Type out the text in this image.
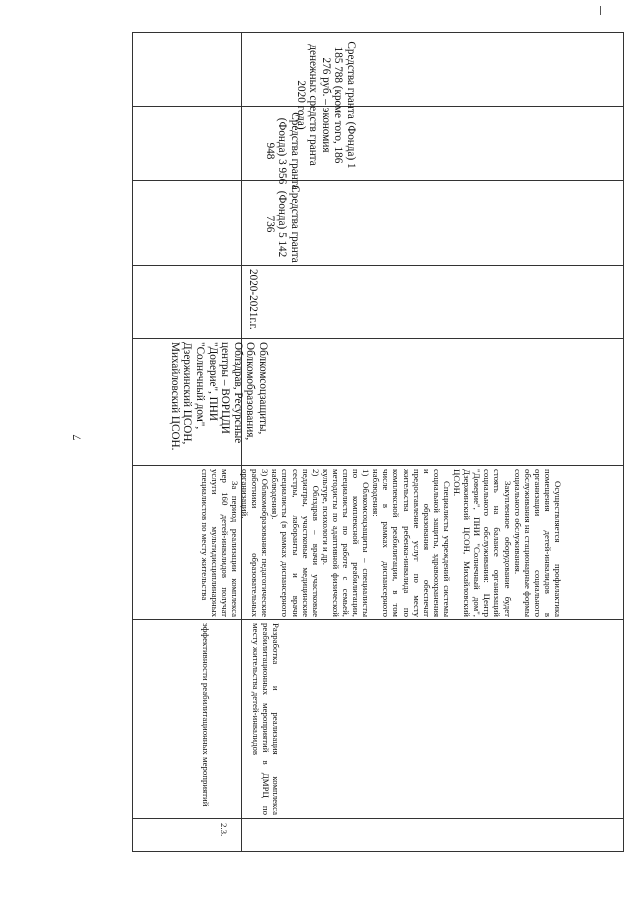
7

эффективности реабилитационных мероприятий

2.3.

Разработка и реализация комплекса реабилитационных мероприятий в ДМРЦ по месту жительства детей-инвалидов

Осуществляется профилактика помещения детей-инвалидов в организации социального обслуживания на стационарные формы социального обслуживания.

Закупленное оборудование будет стоять на балансе организаций социального обслуживания: Центр "Доверие", ПНИ "Солнечный дом", Дзержинский ЦСОН, Михайловский ЦСОН.

Специалисты учреждений системы социальной защиты, здравоохранения и образования обеспечат предоставление услуг по месту жительства ребенка-инвалида по комплексной реабилитации, в том числе в рамках диспансерного наблюдения:

1) Облкомсоцзащиты – специалисты по комплексной реабилитации, специалисты по работе с семьей, методисты по адаптивной физической культуре, психологи и др.

2) Облздрав – врачи участковые педиатры, участковые медицинские сестры, лаборанты и врачи специалисты (в рамках диспансерного наблюдения).

3) Облкомобразования: педагогические работники образовательных организаций.

За период реализации комплекса мер 160 детей-инвалидов получат услуги мультидисциплинарных специалистов по месту жительства

Облкомсоцзащиты, Облкомобразования, Облздрав, Ресурсные центры – ВОРЦДИ "Доверие", ПНИ "Солнечный дом", Дзержинский ЦСОН, Михайловский ЦСОН.

2020-2021г.г.

Средства гранта (Фонда) 5 142 736

Средства гранта (Фонда) 3 956 948	Средства гранта (Фонда) 1 185 788 (кроме того, 186 276 руб. – экономия денежных средств гранта 2020 года)
